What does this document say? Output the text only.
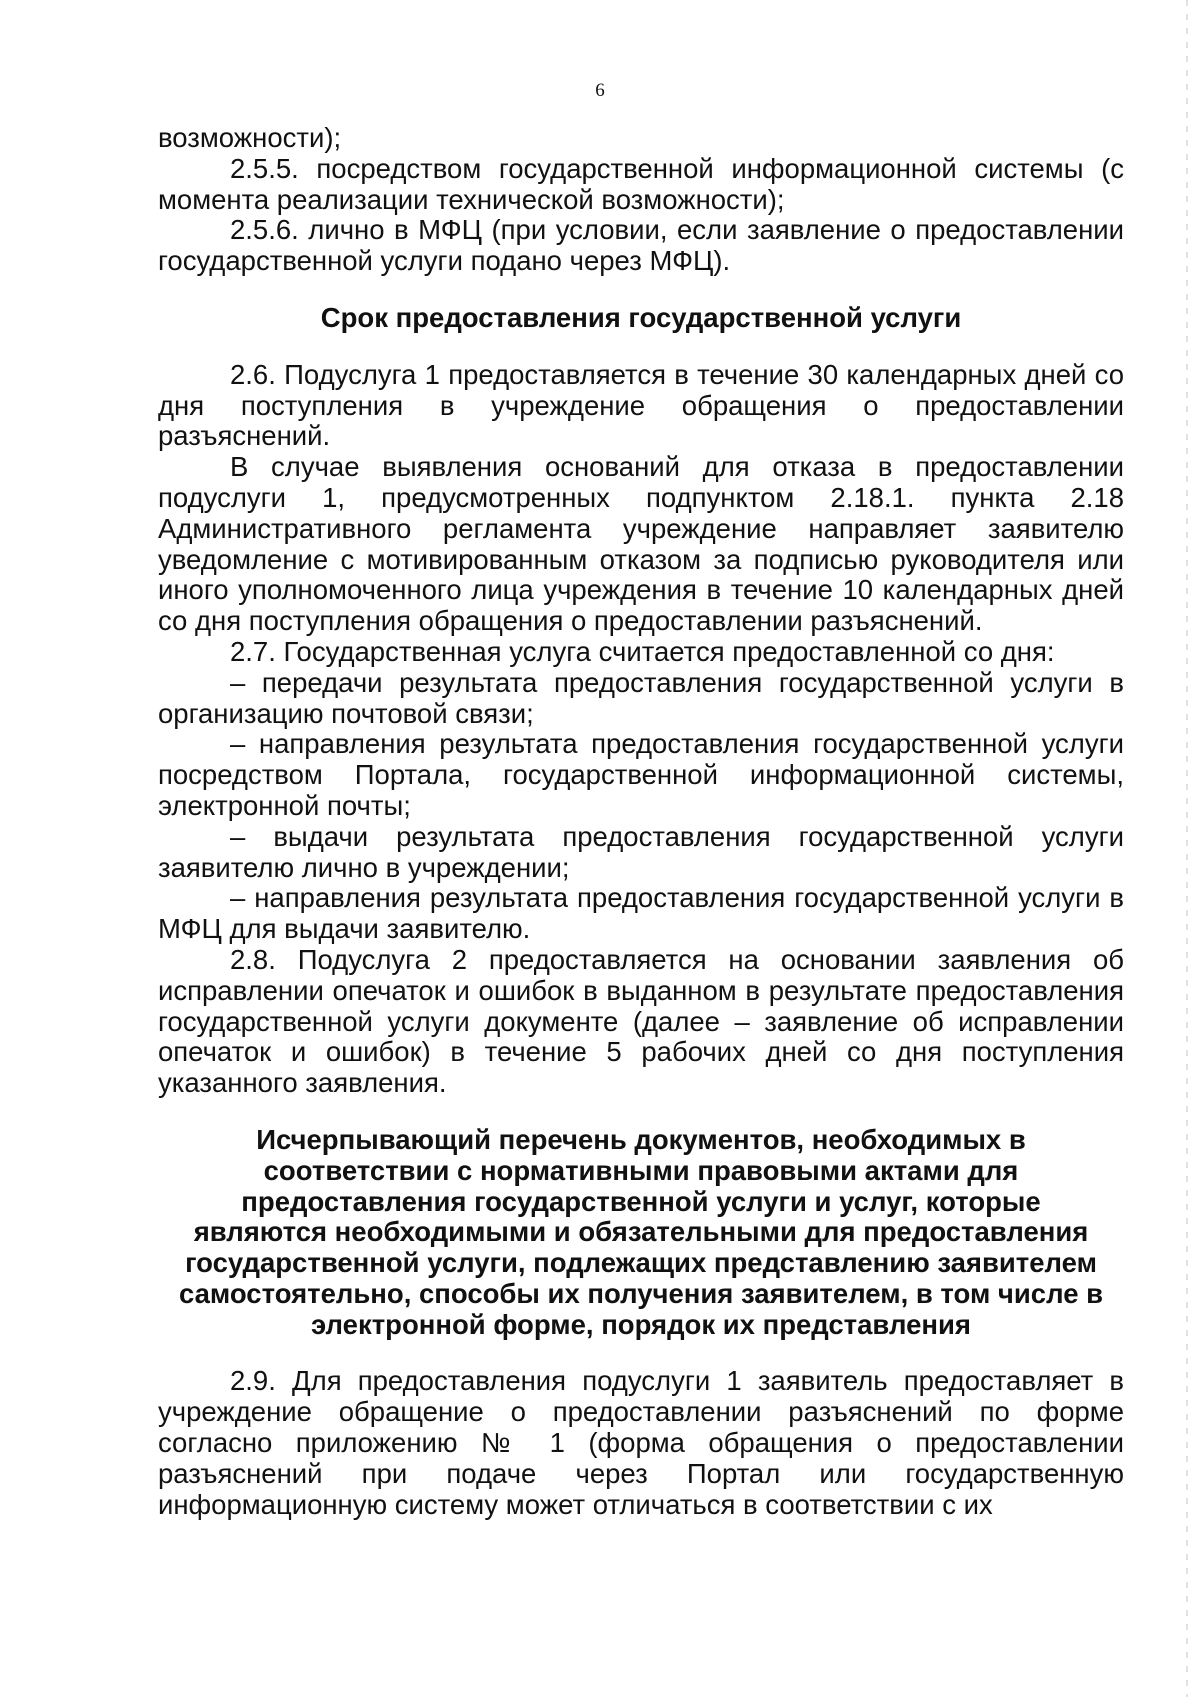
6

возможности);

2.5.5. посредством государственной информационной системы (с момента реализации технической возможности);

2.5.6. лично в МФЦ (при условии, если заявление о предоставлении государственной услуги подано через МФЦ).

Срок предоставления государственной услуги

2.6. Подуслуга 1 предоставляется в течение 30 календарных дней со дня поступления в учреждение обращения о предоставлении разъяснений.

В случае выявления оснований для отказа в предоставлении подуслуги 1, предусмотренных подпунктом 2.18.1. пункта 2.18 Административного регламента учреждение направляет заявителю уведомление с мотивированным отказом за подписью руководителя или иного уполномоченного лица учреждения в течение 10 календарных дней со дня поступления обращения о предоставлении разъяснений.

2.7. Государственная услуга считается предоставленной со дня:

– передачи результата предоставления государственной услуги в организацию почтовой связи;

– направления результата предоставления государственной услуги посредством Портала, государственной информационной системы, электронной почты;

– выдачи результата предоставления государственной услуги заявителю лично в учреждении;

– направления результата предоставления государственной услуги в МФЦ для выдачи заявителю.

2.8. Подуслуга 2 предоставляется на основании заявления об исправлении опечаток и ошибок в выданном в результате предоставления государственной услуги документе (далее – заявление об исправлении опечаток и ошибок) в течение 5 рабочих дней со дня поступления указанного заявления.

Исчерпывающий перечень документов, необходимых в соответствии с нормативными правовыми актами для предоставления государственной услуги и услуг, которые являются необходимыми и обязательными для предоставления государственной услуги, подлежащих представлению заявителем самостоятельно, способы их получения заявителем, в том числе в электронной форме, порядок их представления

2.9. Для предоставления подуслуги 1 заявитель предоставляет в учреждение обращение о предоставлении разъяснений по форме согласно приложению № 1 (форма обращения о предоставлении разъяснений при подаче через Портал или государственную информационную систему может отличаться в соответствии с их
